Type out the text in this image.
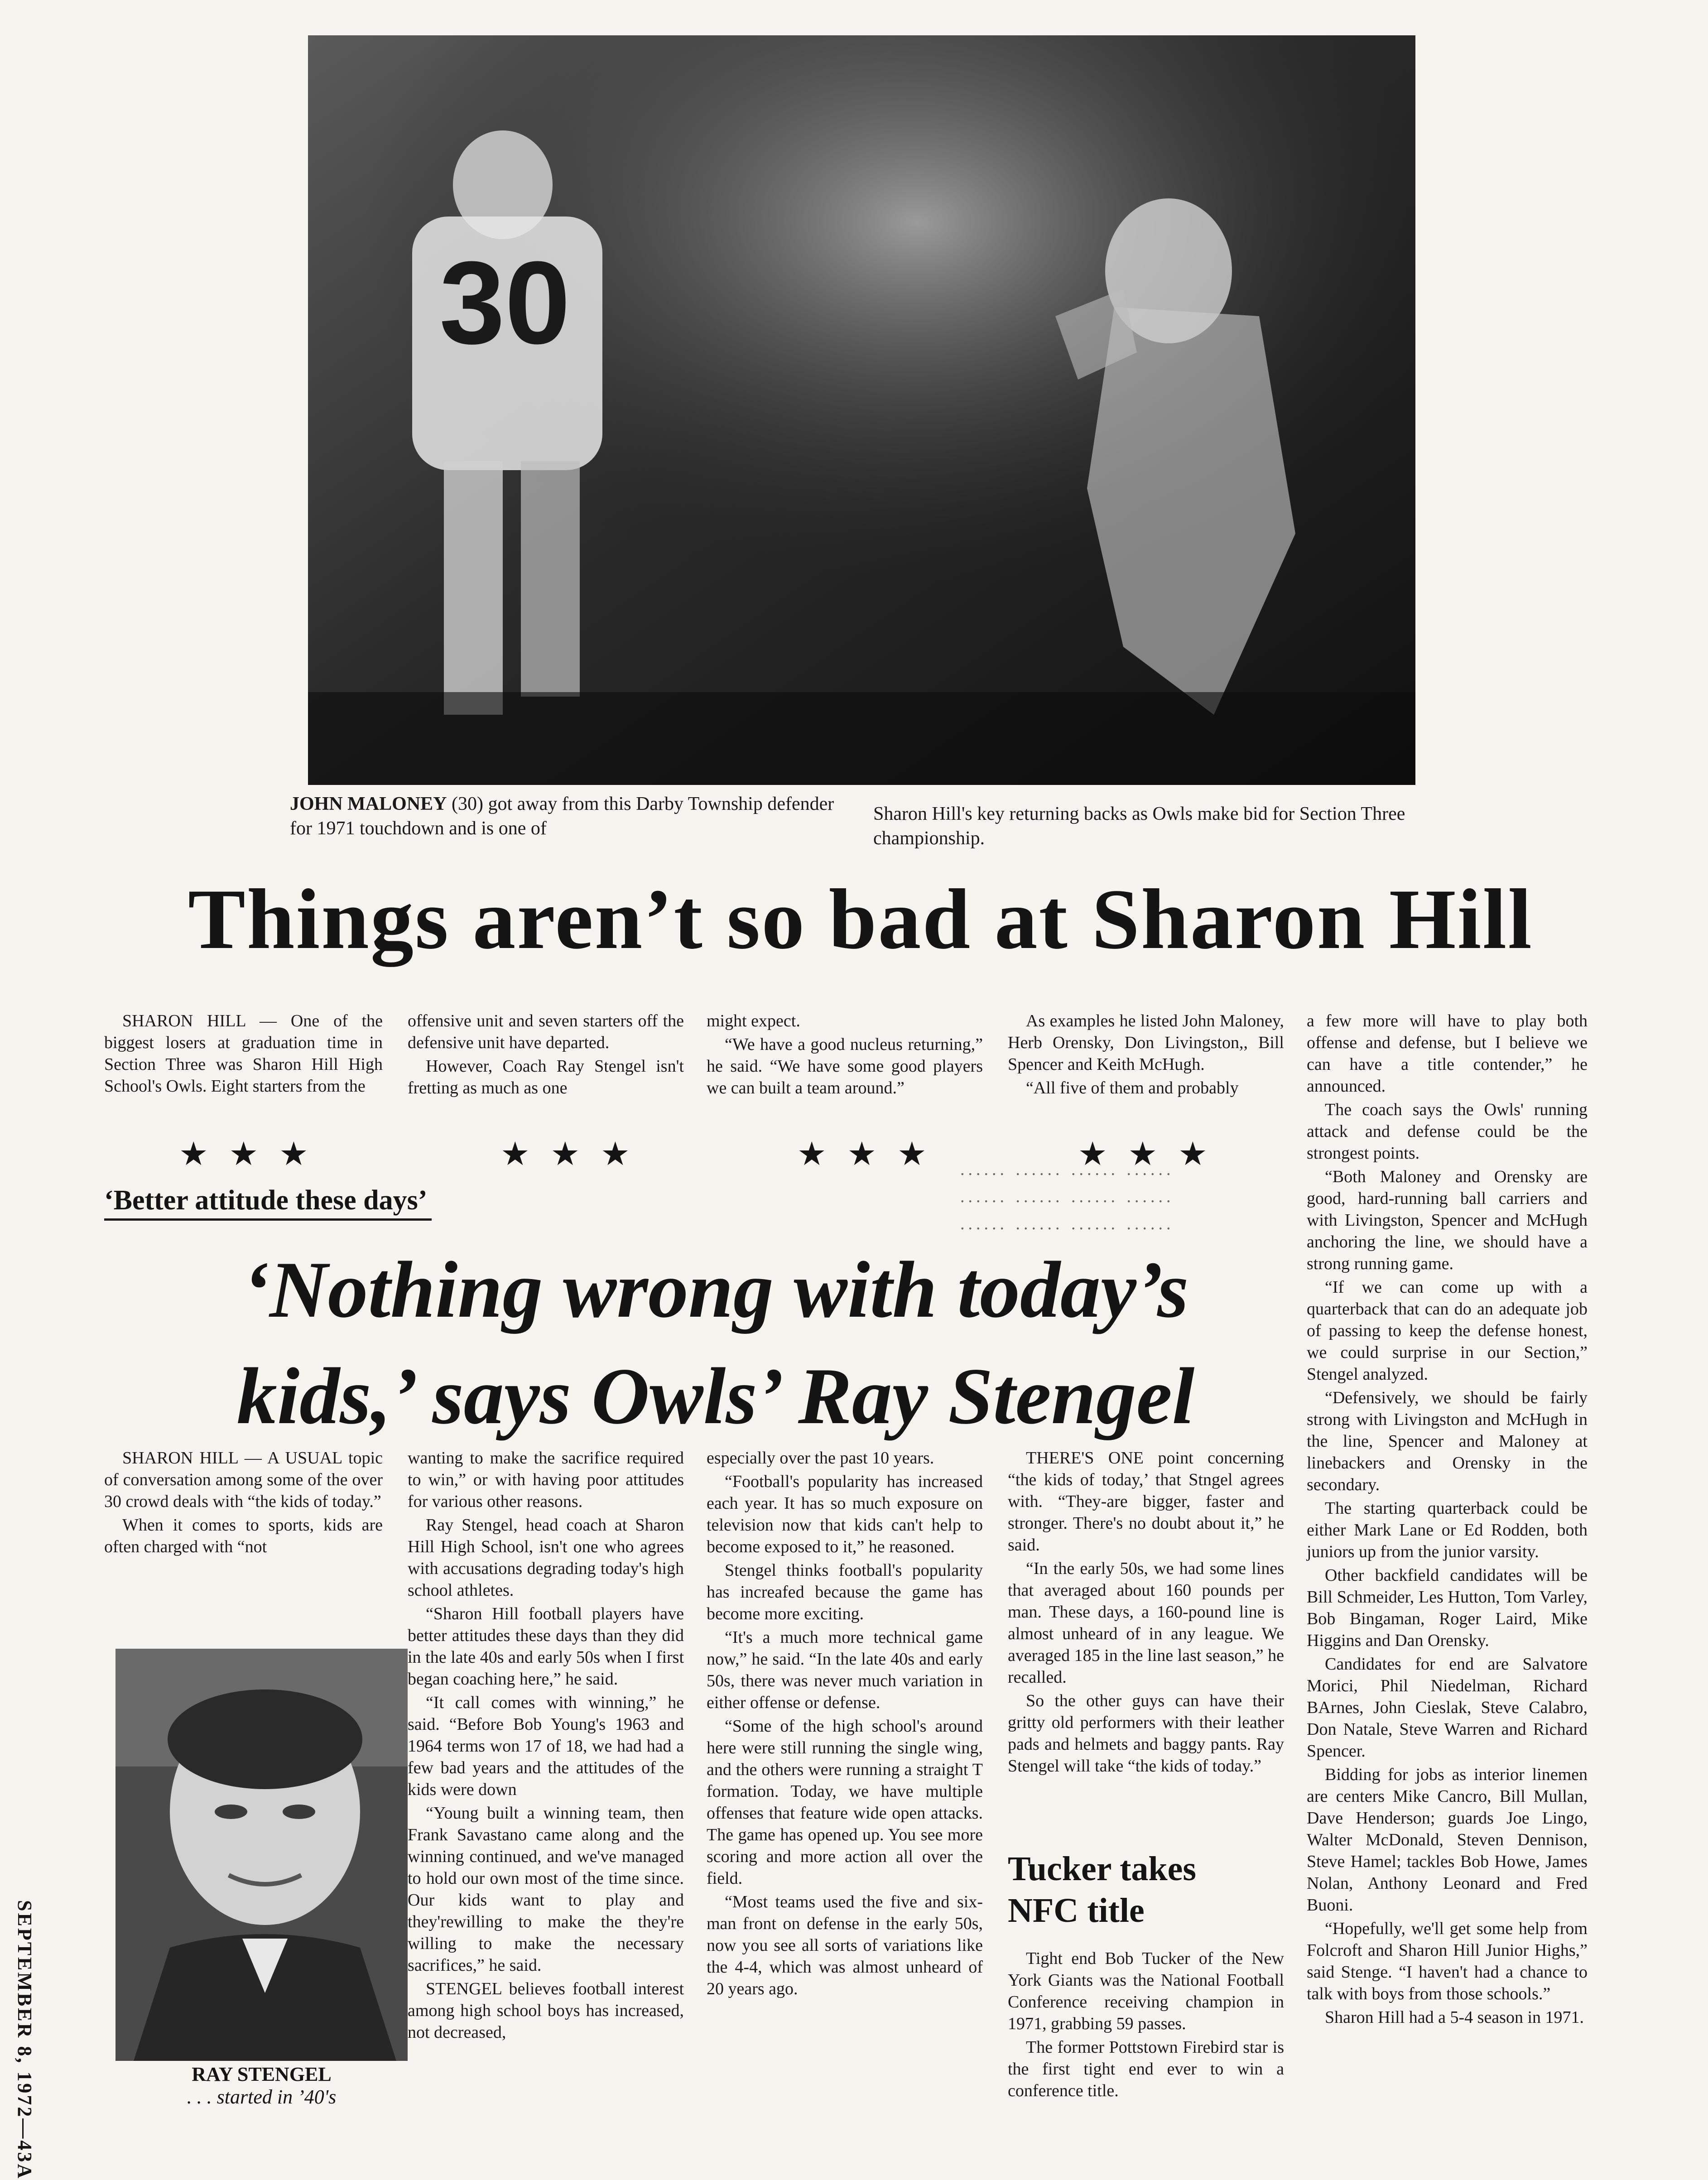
30
JOHN MALONEY (30) got away from this Darby Township defender for 1971 touchdown and is one of
Sharon Hill's key returning backs as Owls make bid for Section Three championship.
Things aren’t so bad at Sharon Hill

SHARON HILL — One of the biggest losers at graduation time in Section Three was Sharon Hill High School's Owls. Eight starters from the

offensive unit and seven starters off the defensive unit have departed.

However, Coach Ray Stengel isn't fretting as much as one

might expect.

“We have a good nucleus returning,” he said. “We have some good players we can built a team around.”

As examples he listed John Maloney, Herb Orensky, Don Livingston,, Bill Spencer and Keith McHugh.

“All five of them and probably

a few more will have to play both offense and defense, but I believe we can have a title contender,” he announced.

The coach says the Owls' running attack and defense could be the strongest points.

“Both Maloney and Orensky are good, hard-running ball carriers and with Livingston, Spencer and McHugh anchoring the line, we should have a strong running game.

“If we can come up with a quarterback that can do an adequate job of passing to keep the defense honest, we could surprise in our Section,” Stengel analyzed.

“Defensively, we should be fairly strong with Livingston and McHugh in the line, Spencer and Maloney at linebackers and Orensky in the secondary.

The starting quarterback could be either Mark Lane or Ed Rodden, both juniors up from the junior varsity.

Other backfield candidates will be Bill Schmeider, Les Hutton, Tom Varley, Bob Bingaman, Roger Laird, Mike Higgins and Dan Orensky.

Candidates for end are Salvatore Morici, Phil Niedelman, Richard BArnes, John Cieslak, Steve Calabro, Don Natale, Steve Warren and Richard Spencer.

Bidding for jobs as interior linemen are centers Mike Cancro, Bill Mullan, Dave Henderson; guards Joe Lingo, Walter McDonald, Steven Dennison, Steve Hamel; tackles Bob Howe, James Nolan, Anthony Leonard and Fred Buoni.

“Hopefully, we'll get some help from Folcroft and Sharon Hill Junior Highs,” said Stenge. “I haven't had a chance to talk with boys from those schools.”

Sharon Hill had a 5-4 season in 1971.

★★★	★★★	★★★	★★★
...... ...... ...... ......
...... ...... ...... ......
...... ...... ...... ......
‘Better attitude these days’
‘Nothing wrong with today’s
kids,’ says Owls’ Ray Stengel

SHARON HILL — A USUAL topic of conversation among some of the over 30 crowd deals with “the kids of today.”

When it comes to sports, kids are often charged with “not

RAY STENGEL
. . . started in ’40's

wanting to make the sacrifice required to win,” or with having poor attitudes for various other reasons.

Ray Stengel, head coach at Sharon Hill High School, isn't one who agrees with accusations degrading today's high school athletes.

“Sharon Hill football players have better attitudes these days than they did in the late 40s and early 50s when I first began coaching here,” he said.

“It call comes with winning,” he said. “Before Bob Young's 1963 and 1964 terms won 17 of 18, we had had a few bad years and the attitudes of the kids were down

“Young built a winning team, then Frank Savastano came along and the winning continued, and we've managed to hold our own most of the time since. Our kids want to play and they'rewilling to make the they're willing to make the necessary sacrifices,” he said.

STENGEL believes football interest among high school boys has increased, not decreased,

especially over the past 10 years.

“Football's popularity has increased each year. It has so much exposure on television now that kids can't help to become exposed to it,” he reasoned.

Stengel thinks football's popularity has increafed because the game has become more exciting.

“It's a much more technical game now,” he said. “In the late 40s and early 50s, there was never much variation in either offense or defense.

“Some of the high school's around here were still running the single wing, and the others were running a straight T formation. Today, we have multiple offenses that feature wide open attacks. The game has opened up. You see more scoring and more action all over the field.

“Most teams used the five and six-man front on defense in the early 50s, now you see all sorts of variations like the 4-4, which was almost unheard of 20 years ago.

THERE'S ONE point concerning “the kids of today,’ that Stngel agrees with. “They-are bigger, faster and stronger. There's no doubt about it,” he said.

“In the early 50s, we had some lines that averaged about 160 pounds per man. These days, a 160-pound line is almost unheard of in any league. We averaged 185 in the line last season,” he recalled.

So the other guys can have their gritty old performers with their leather pads and helmets and baggy pants. Ray Stengel will take “the kids of today.”

Tucker takes
NFC title

Tight end Bob Tucker of the New York Giants was the National Football Conference receiving champion in 1971, grabbing 59 passes.

The former Pottstown Firebird star is the first tight end ever to win a conference title.

SEPTEMBER 8, 1972—43A
